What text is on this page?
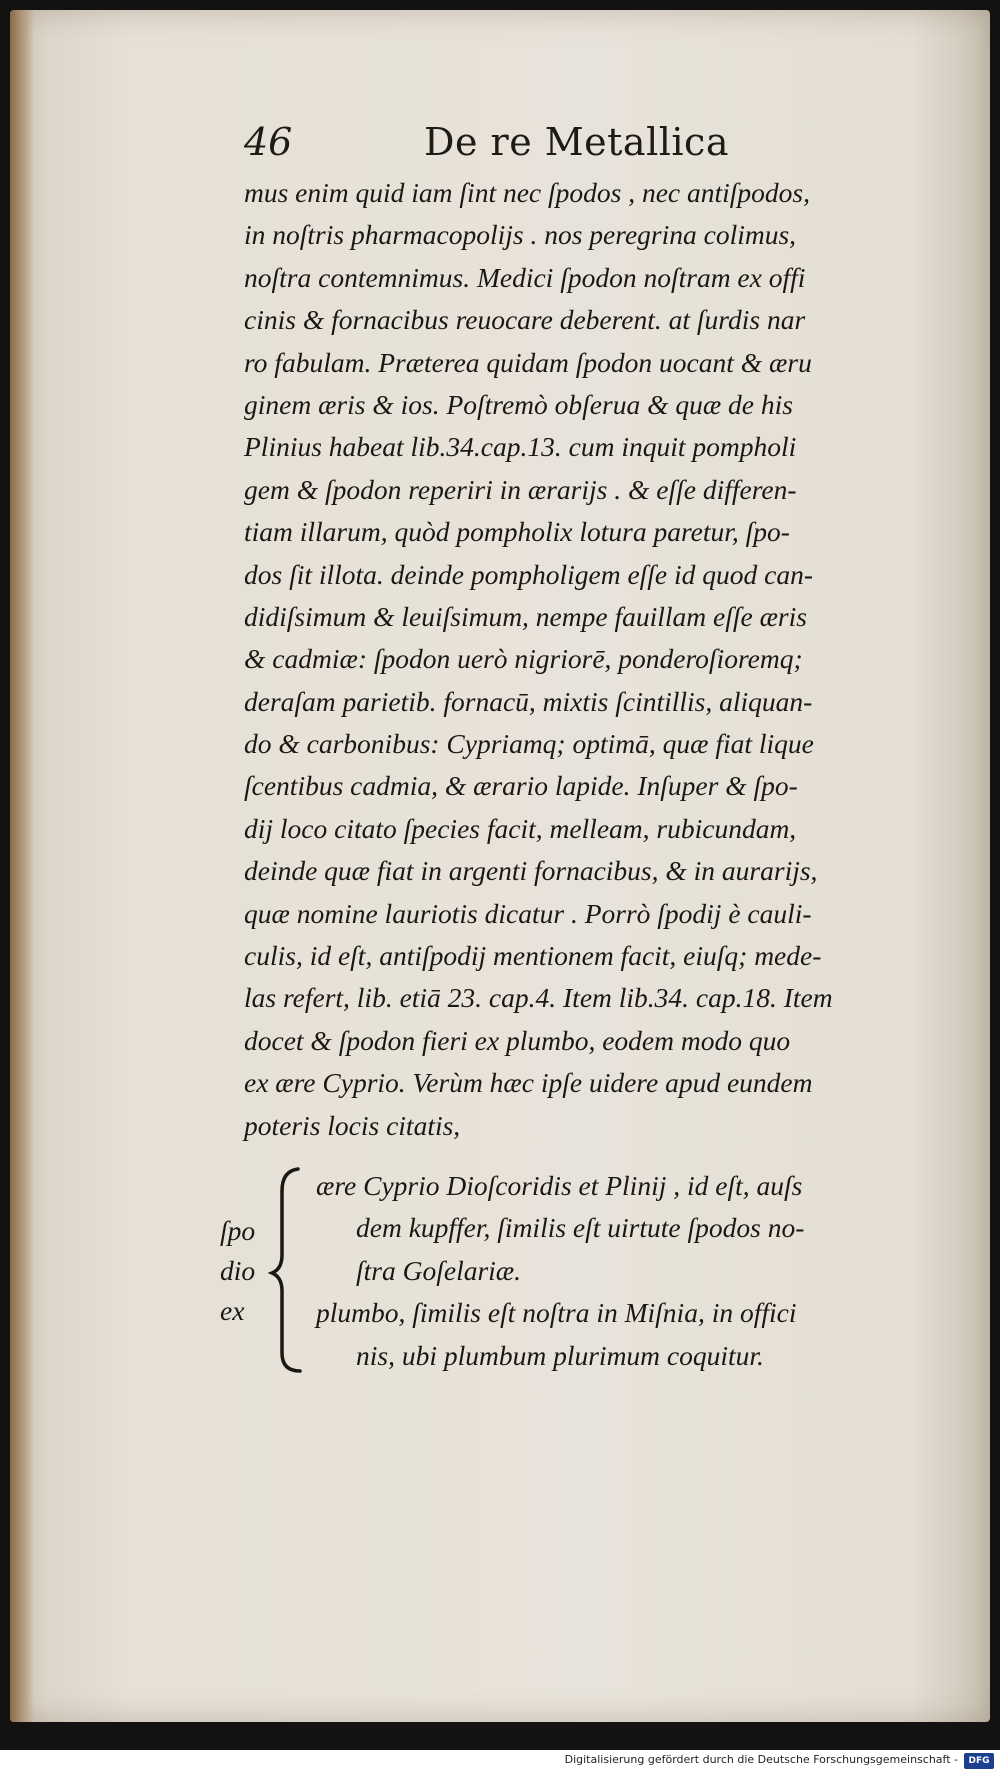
46	De re Metallica
mus enim quid iam ſint nec ſpodos , nec antiſpodos,
in noſtris pharmacopolijs . nos peregrina colimus,
noſtra contemnimus. Medici ſpodon noſtram ex offi
cinis & fornacibus reuocare deberent. at ſurdis nar
ro fabulam. Præterea quidam ſpodon uocant & æru
ginem æris & ios. Poſtremò obſerua & quæ de his
Plinius habeat lib.34.cap.13. cum inquit pompholi
gem & ſpodon reperiri in ærarijs . & eſſe differen-
tiam illarum, quòd pompholix lotura paretur, ſpo-
dos ſit illota. deinde pompholigem eſſe id quod can-
didiſsimum & leuiſsimum, nempe fauillam eſſe æris
& cadmiæ: ſpodon uerò nigriorē, ponderoſioremq;
deraſam parietib. fornacū, mixtis ſcintillis, aliquan-
do & carbonibus: Cypriamq; optimā, quæ fiat lique
ſcentibus cadmia, & ærario lapide. Inſuper & ſpo-
dij loco citato ſpecies facit, melleam, rubicundam,
deinde quæ fiat in argenti fornacibus, & in aurarijs,
quæ nomine lauriotis dicatur . Porrò ſpodij è cauli-
culis, id eſt, antiſpodij mentionem facit, eiuſq; mede-
las refert, lib. etiā 23. cap.4. Item lib.34. cap.18. Item
docet & ſpodon fieri ex plumbo, eodem modo quo
ex ære Cyprio. Verùm hæc ipſe uidere apud eundem
poteris locis citatis,
ſpo
dio
ex
ære Cyprio Dioſcoridis et Plinij , id eſt, auſs
dem kupffer, ſimilis eſt uirtute ſpodos no-
ſtra Goſelariæ.
plumbo, ſimilis eſt noſtra in Miſnia, in offici
nis, ubi plumbum plurimum coquitur.
Digitalisierung gefördert durch die Deutsche Forschungsgemeinschaft -	DFG
